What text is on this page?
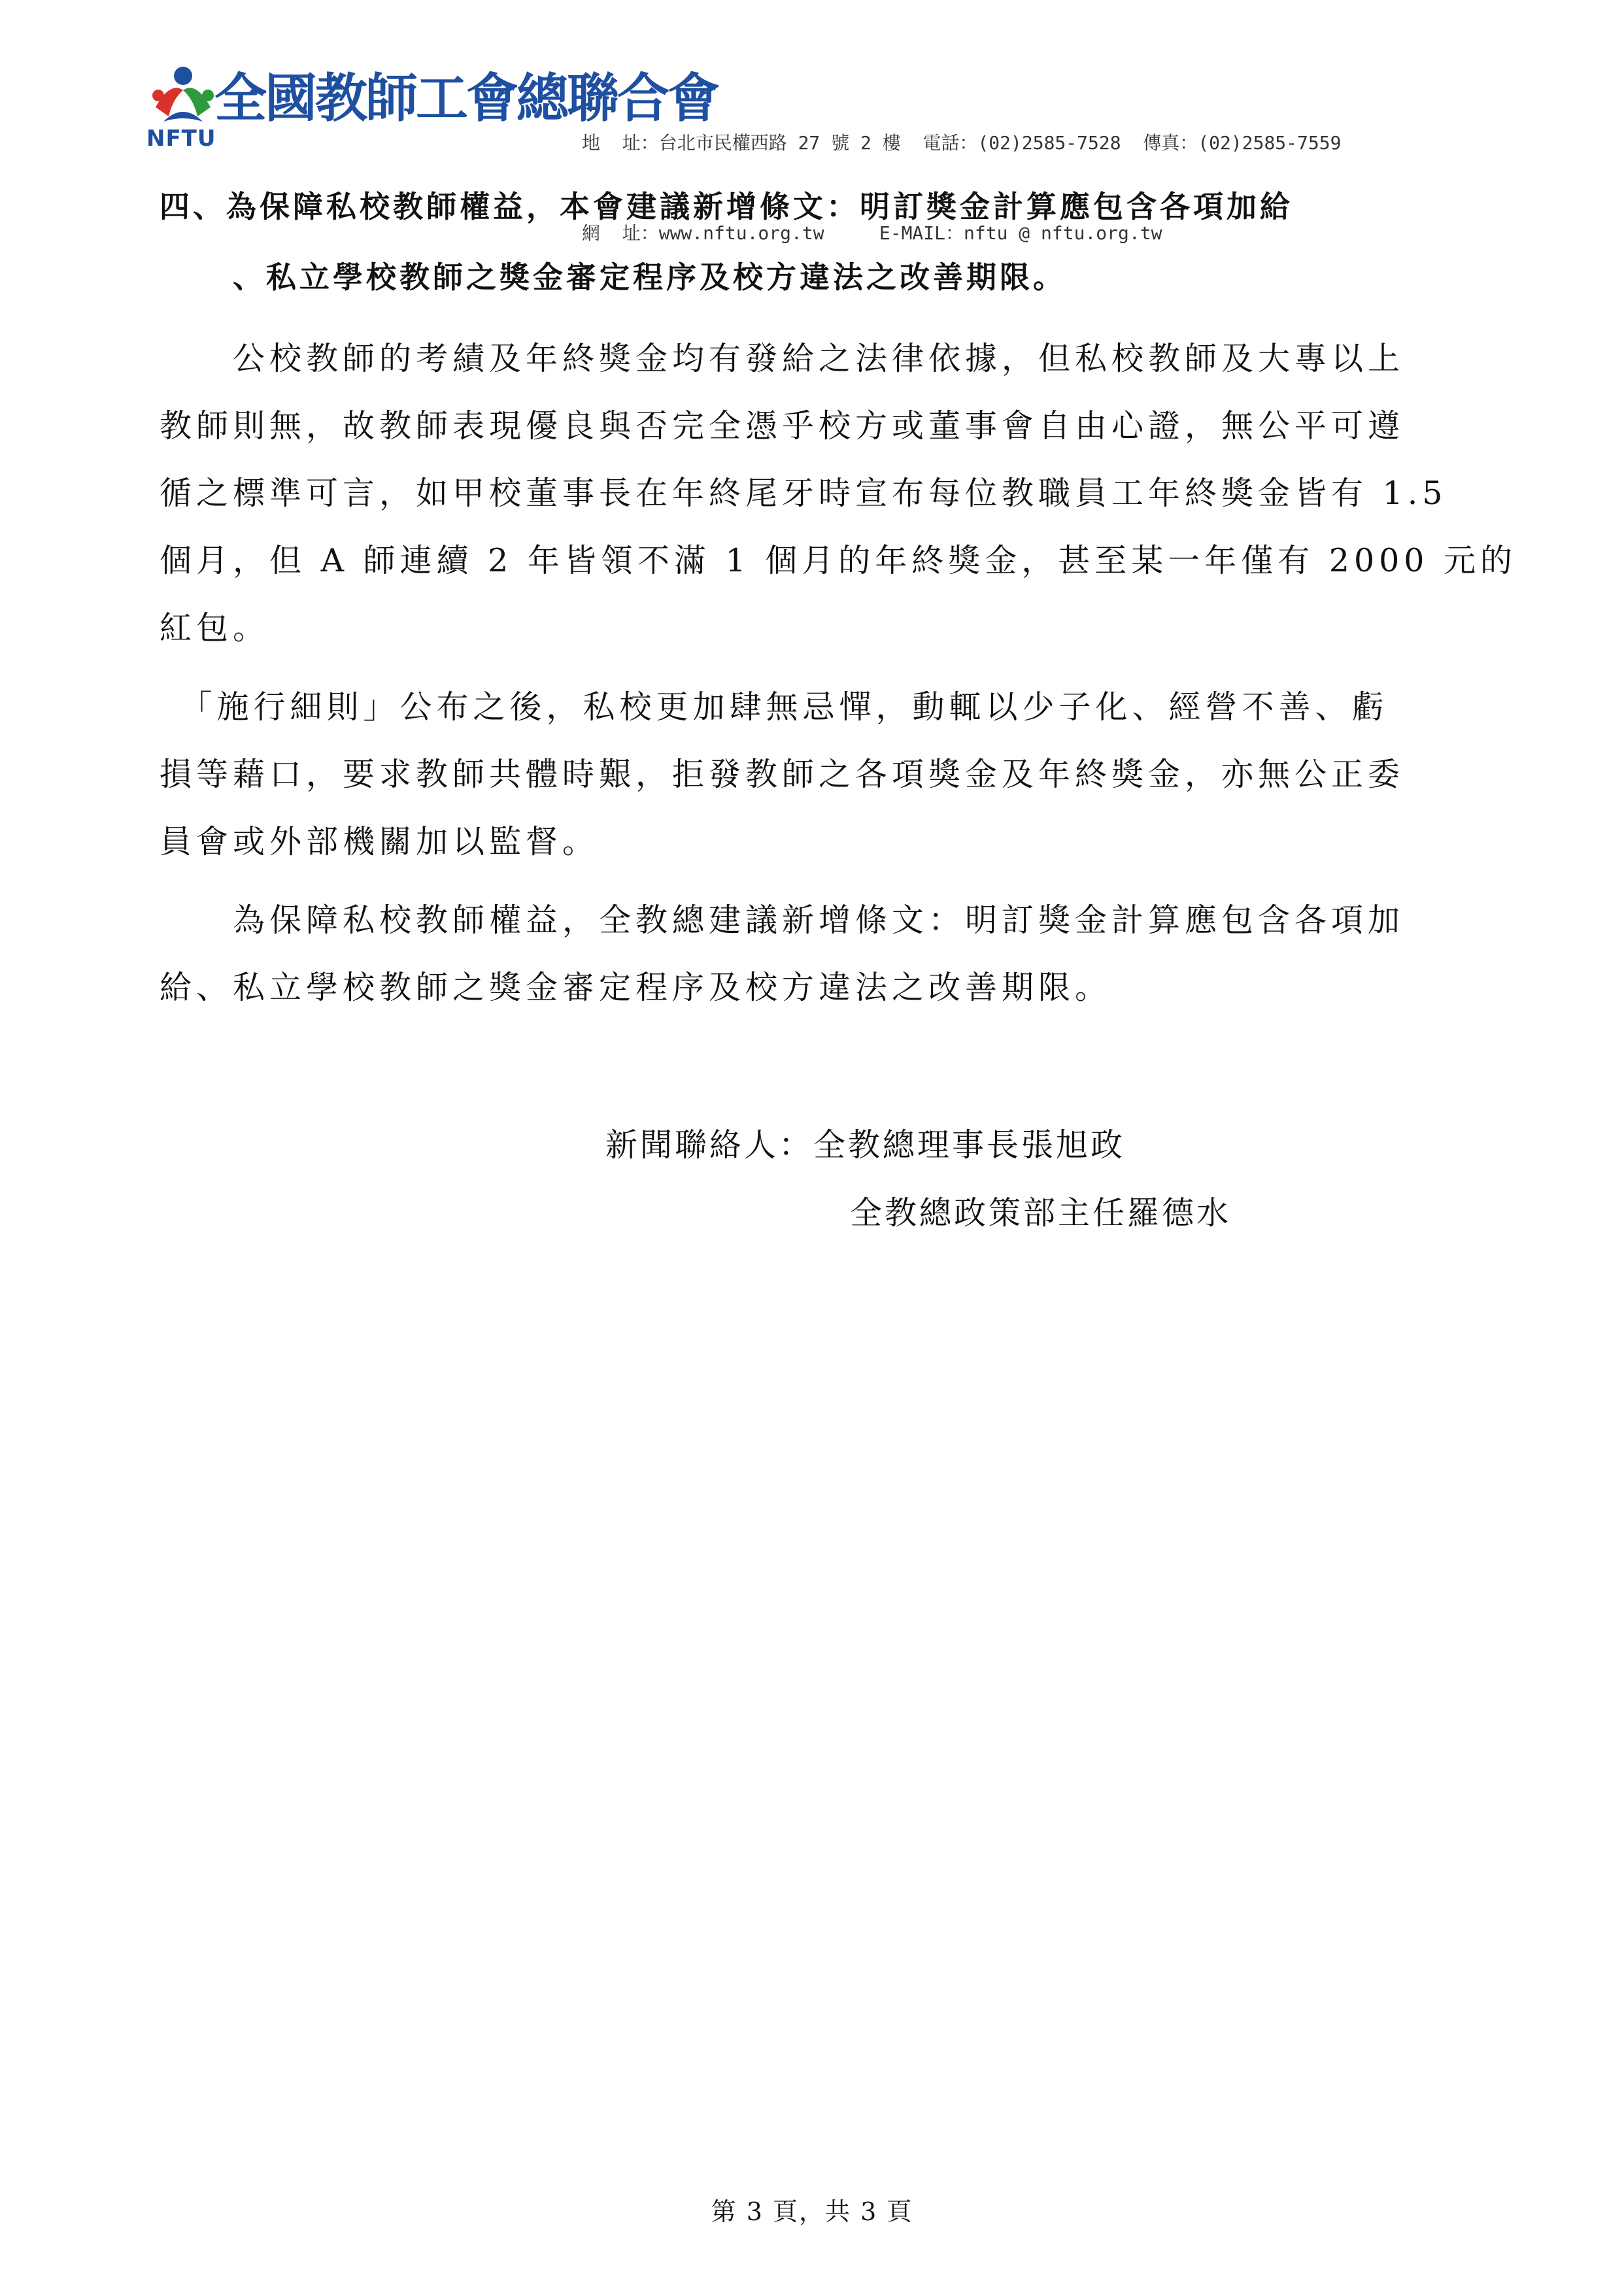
NFTU
全國教師工會總聯合會

地  址：台北市民權西路 27 號 2 樓  電話：(02)2585-7528  傳真：(02)2585-7559

網  址：www.nftu.org.tw     E-MAIL：nftu @ nftu.org.tw

四、為保障私校教師權益，本會建議新增條文：明訂獎金計算應包含各項加給
、私立學校教師之獎金審定程序及校方違法之改善期限。
　　公校教師的考績及年終獎金均有發給之法律依據，但私校教師及大專以上
教師則無，故教師表現優良與否完全憑乎校方或董事會自由心證，無公平可遵
循之標準可言，如甲校董事長在年終尾牙時宣布每位教職員工年終獎金皆有 1.5
個月，但 A 師連續 2 年皆領不滿 1 個月的年終獎金，甚至某一年僅有 2000 元的
紅包。
　「施行細則」公布之後，私校更加肆無忌憚，動輒以少子化、經營不善、虧
損等藉口，要求教師共體時艱，拒發教師之各項獎金及年終獎金，亦無公正委
員會或外部機關加以監督。
　　為保障私校教師權益，全教總建議新增條文：明訂獎金計算應包含各項加
給、私立學校教師之獎金審定程序及校方違法之改善期限。
新聞聯絡人：全教總理事長張旭政
全教總政策部主任羅德水
第 3 頁，共 3 頁
